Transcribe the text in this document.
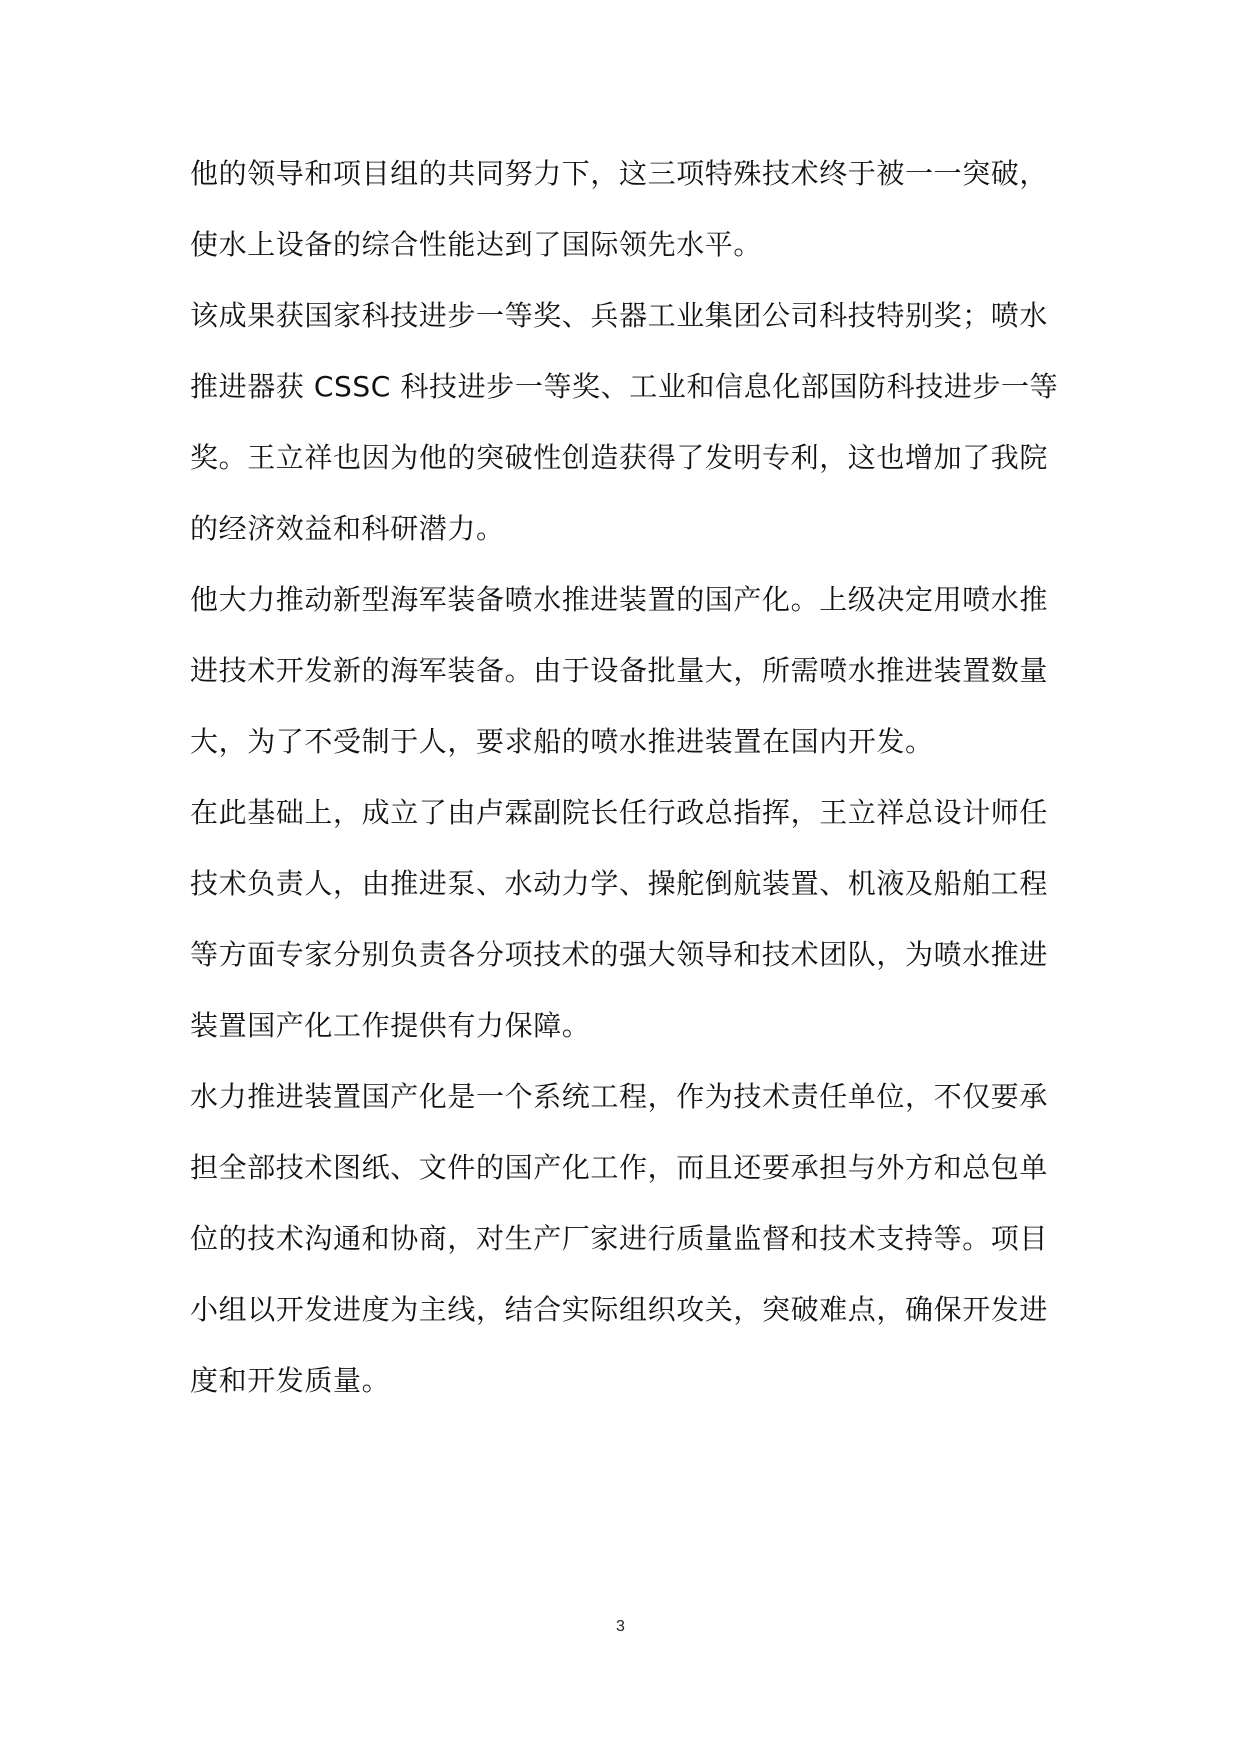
他的领导和项目组的共同努力下，这三项特殊技术终于被一一突破，
使水上设备的综合性能达到了国际领先水平。
该成果获国家科技进步一等奖、兵器工业集团公司科技特别奖；喷水
推进器获 CSSC 科技进步一等奖、工业和信息化部国防科技进步一等
奖。王立祥也因为他的突破性创造获得了发明专利，这也增加了我院
的经济效益和科研潜力。
他大力推动新型海军装备喷水推进装置的国产化。上级决定用喷水推
进技术开发新的海军装备。由于设备批量大，所需喷水推进装置数量
大，为了不受制于人，要求船的喷水推进装置在国内开发。
在此基础上，成立了由卢霖副院长任行政总指挥，王立祥总设计师任
技术负责人，由推进泵、水动力学、操舵倒航装置、机液及船舶工程
等方面专家分别负责各分项技术的强大领导和技术团队，为喷水推进
装置国产化工作提供有力保障。
水力推进装置国产化是一个系统工程，作为技术责任单位，不仅要承
担全部技术图纸、文件的国产化工作，而且还要承担与外方和总包单
位的技术沟通和协商，对生产厂家进行质量监督和技术支持等。项目
小组以开发进度为主线，结合实际组织攻关，突破难点，确保开发进
度和开发质量。
3
